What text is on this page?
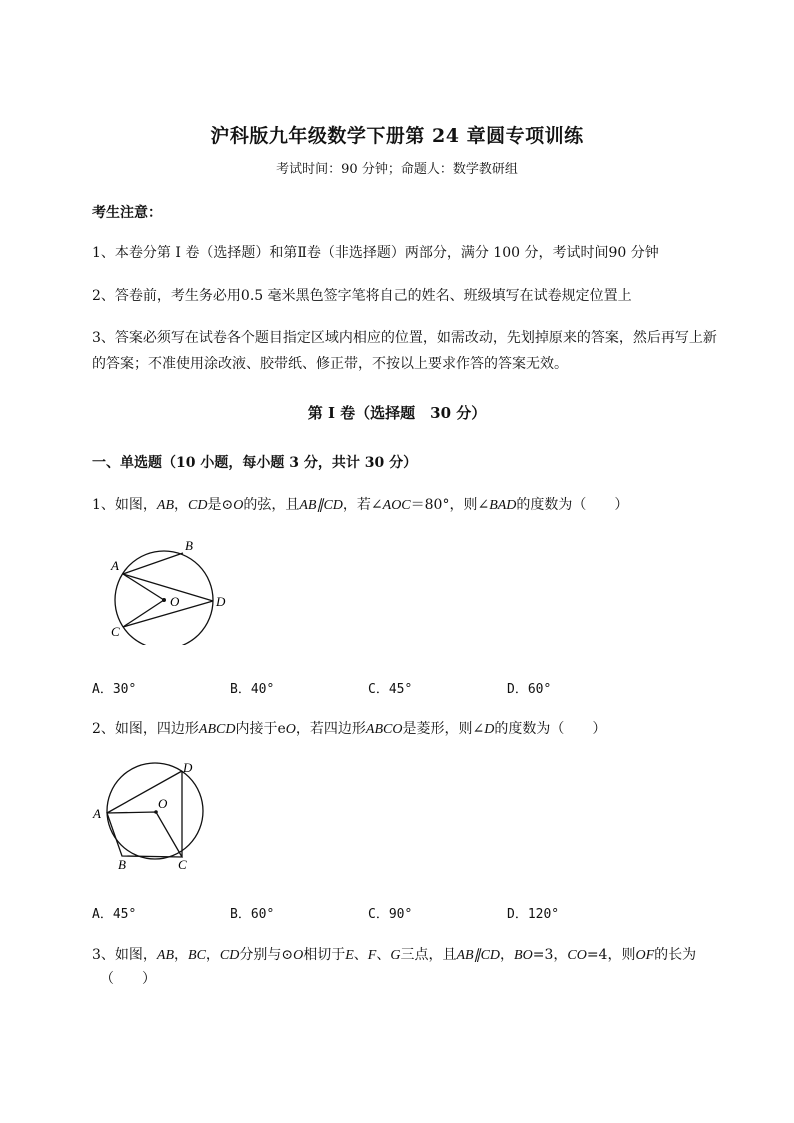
沪科版九年级数学下册第 24 章圆专项训练
考试时间：90 分钟；命题人：数学教研组
考生注意：
1、本卷分第 I 卷（选择题）和第Ⅱ卷（非选择题）两部分，满分 100 分，考试时间90 分钟
2、答卷前，考生务必用0.5 毫米黑色签字笔将自己的姓名、班级填写在试卷规定位置上
3、答案必须写在试卷各个题目指定区域内相应的位置，如需改动，先划掉原来的答案，然后再写上新
的答案；不准使用涂改液、胶带纸、修正带，不按以上要求作答的答案无效。
第 I 卷（选择题　30 分）
一、单选题（10 小题，每小题 3 分，共计 30 分）
1、如图，AB，CD是⊙O的弦，且AB∥CD，若∠AOC＝80°，则∠BAD的度数为（　　）
A
B
C
D
O
A．30°	B．40°	C．45°	D．60°
2、如图，四边形ABCD内接于eO，若四边形ABCO是菱形，则∠D的度数为（　　）
A
B	C
D
O
A．45°	B．60°	C．90°	D．120°
3、如图，AB，BC，CD分别与⊙O相切于E、F、G三点，且AB∥CD，BO=3，CO=4，则OF的长为
（　　）
